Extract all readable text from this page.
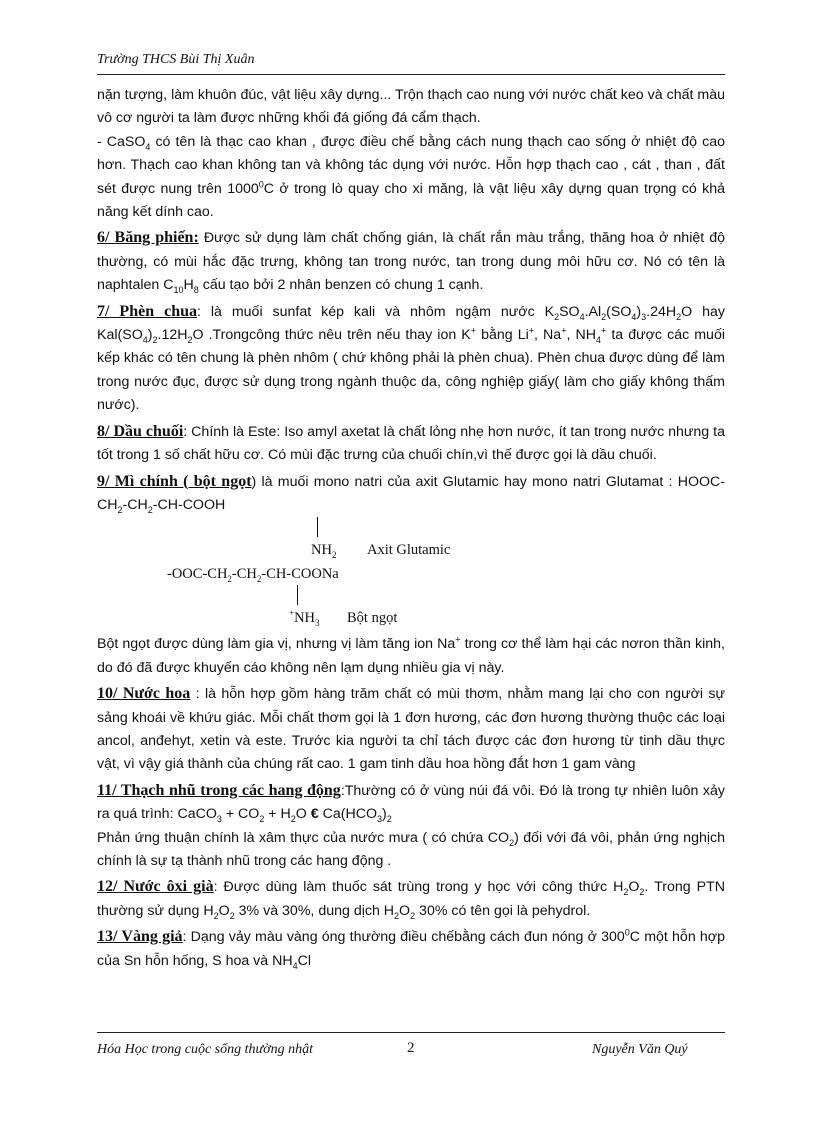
Trường THCS Bùi Thị Xuân

nặn tượng, làm khuôn đúc, vật liệu xây dựng... Trộn thạch cao nung với nước chất keo và chất màu vô cơ người ta làm được những khối đá giống đá cẩm thạch.

- CaSO$_4$ có tên là thạc cao khan , được điều chế bằng cách nung thạch cao sống ở nhiệt độ cao hơn. Thạch cao khan không tan và không tác dụng với nước. Hỗn hợp thạch cao , cát , than , đất sét được nung trên 1000$^0$C ở trong lò quay cho xi măng, là vật liệu xây dựng quan trọng có khả năng kết dính cao.

6/ Băng phiến: Được sử dụng làm chất chống gián, là chất rắn màu trắng, thăng hoa ở nhiệt độ thường, có mùi hắc đặc trưng, không tan trong nước, tan trong dung môi hữu cơ. Nó có tên là naphtalen $C_{10}H_8$ cấu tạo bởi 2 nhân benzen có chung 1 cạnh.

7/ Phèn chua: là muối sunfat kép kali và nhôm ngậm nước $K_2SO_4.Al_2(SO_4)_3.24H_2O$ hay $Kal(SO_4)_2.12H_2O$ .Trongcông thức nêu trên nếu thay ion K+ bằng Li+, Na+, $NH_4^+$ ta được các muối kếp khác có tên chung là phèn nhôm ( chứ không phải là phèn chua). Phèn chua được dùng để làm trong nước đục, được sử dụng trong ngành thuộc da, công nghiệp giấy( làm cho giấy không thấm nước).

8/ Dầu chuối: Chính là Este: Iso amyl axetat là chất lỏng nhẹ hơn nước, ít tan trong nước nhưng ta tốt trong 1 số chất hữu cơ. Có mùi đặc trưng của chuối chín,vì thế được gọi là dầu chuối.

9/ Mì chính ( bột ngọt) là muối mono natri của axit Glutamic hay mono natri Glutamat : HOOC-$CH_2-CH_2-CH$-COOH

$NH_2$ Axit Glutamic
$-OOC-CH_2-CH_2-CH$-COONa
$^+NH_3$ Bột ngọt

Bột ngọt được dùng làm gia vị, nhưng vị làm tăng ion Na+ trong cơ thể làm hại các nơron thần kinh, do đó đã được khuyến cáo không nên lạm dụng nhiều gia vị này.

10/ Nước hoa : là hỗn hợp gồm hàng trăm chất có mùi thơm, nhằm mang lại cho con người sự sảng khoái về khứu giác. Mỗi chất thơm gọi là 1 đơn hương, các đơn hương thường thuộc các loại ancol, anđehyt, xetin và este. Trước kia người ta chỉ tách được các đơn hương từ tinh dầu thực vật, vì vậy giá thành của chúng rất cao. 1 gam tinh dầu hoa hồng đắt hơn 1 gam vàng

11/ Thạch nhũ trong các hang động:Thường có ở vùng núi đá vôi. Đó là trong tự nhiên luôn xảy ra quá trình: CaCO$_3$ + $CO_2 + H_2O$ € $Ca(HCO_3)_2$

Phản ứng thuận chính là xâm thực của nước mưa ( có chứa $CO_2$) đối với đá vôi, phản ứng nghịch chính là sự tạ thành nhũ trong các hang động .

12/ Nước ôxi già: Được dùng làm thuốc sát trùng trong y học với công thức $H_2O_2$. Trong PTN thường sử dụng $H_2O_2$ 3% và 30%, dung dịch $H_2O_2$ 30% có tên gọi là pehydrol.

13/ Vàng giả: Dạng vảy màu vàng óng thường điều chếbằng cách đun nóng ở $300^0C$ một hỗn hợp của Sn hỗn hống, S hoa và $NH_4Cl$

Hóa Học trong cuộc sống thường nhật	2	Nguyễn Văn Quý
